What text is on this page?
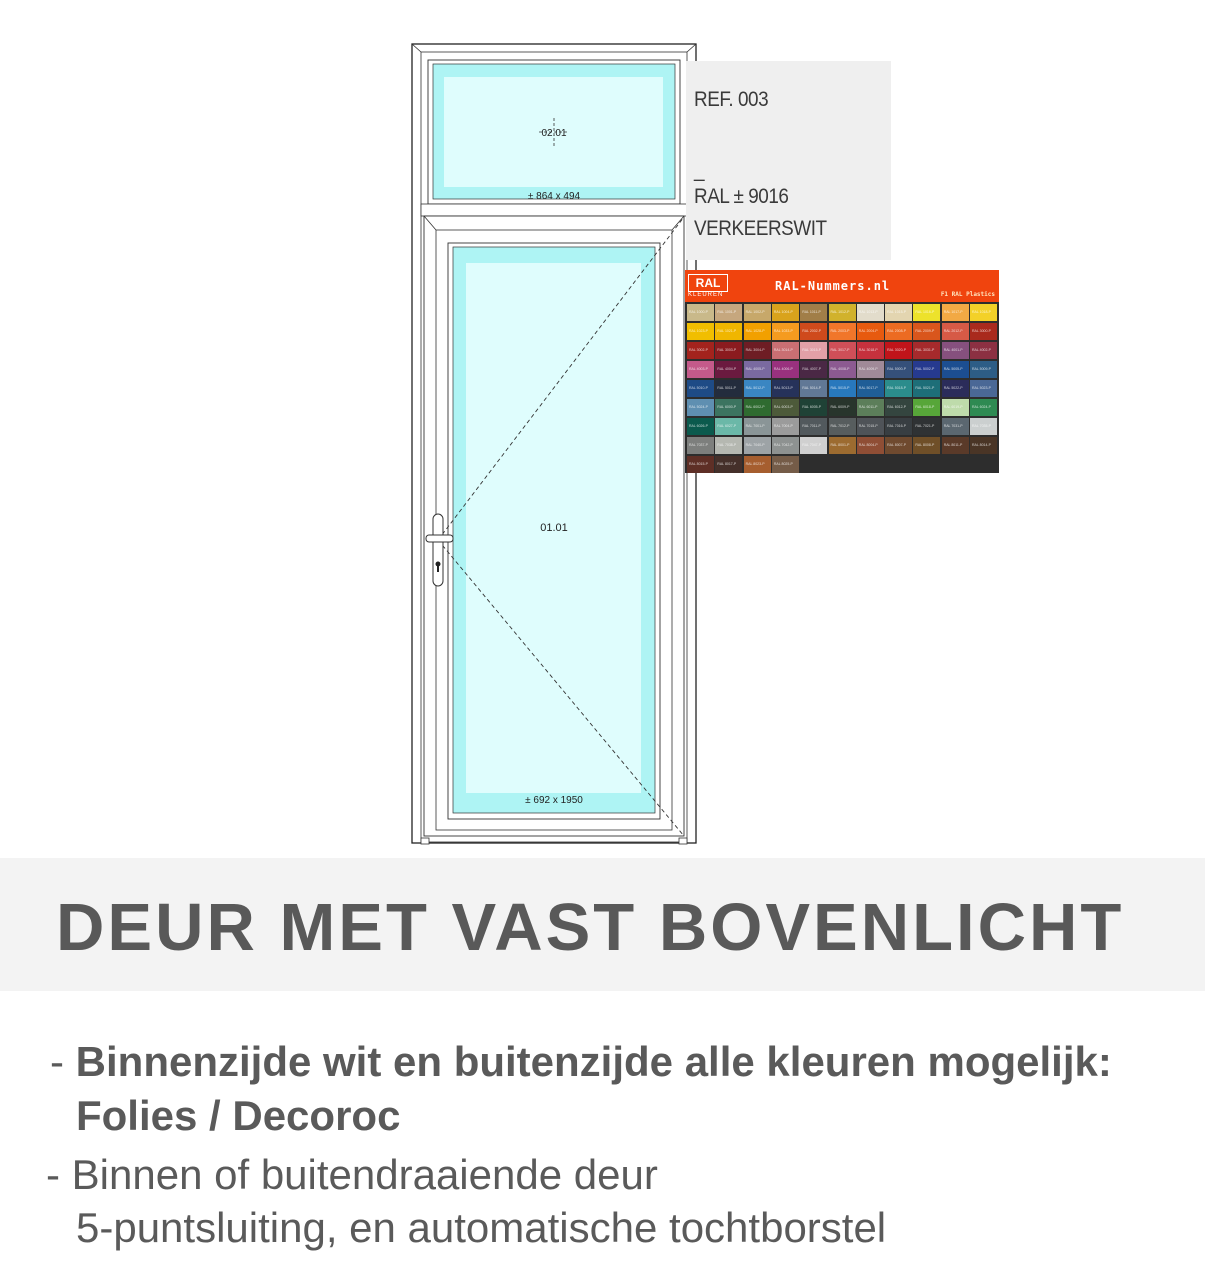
02.01
± 864 x 494
01.01
± 692 x 1950
REF. 003
_
RAL ± 9016
VERKEERSWIT
RAL
KLEUREN
RAL-Nummers.nl
F1 RAL Plastics
RAL 1000-P	RAL 1001-P	RAL 1002-P	RAL 1004-P	RAL 1011-P	RAL 1012-P	RAL 1013-P	RAL 1015-P	RAL 1016-P	RAL 1017-P	RAL 1018-P
RAL 1023-P	RAL 1021-P	RAL 1028-P	RAL 1033-P	RAL 2002-P	RAL 2003-P	RAL 2004-P	RAL 2008-P	RAL 2009-P	RAL 2012-P	RAL 3000-P
RAL 3002-P	RAL 3003-P	RAL 3004-P	RAL 3014-P	RAL 3015-P	RAL 3017-P	RAL 3018-P	RAL 3020-P	RAL 3031-P	RAL 4001-P	RAL 4002-P
RAL 4003-P	RAL 4004-P	RAL 4005-P	RAL 4006-P	RAL 4007-P	RAL 4008-P	RAL 4009-P	RAL 5000-P	RAL 5002-P	RAL 5005-P	RAL 5009-P
RAL 5010-P	RAL 5011-P	RAL 5012-P	RAL 5013-P	RAL 5014-P	RAL 5015-P	RAL 5017-P	RAL 5018-P	RAL 5021-P	RAL 5022-P	RAL 5023-P
RAL 5024-P	RAL 6000-P	RAL 6002-P	RAL 6003-P	RAL 6005-P	RAL 6009-P	RAL 6011-P	RAL 6012-P	RAL 6018-P	RAL 6019-P	RAL 6024-P
RAL 6026-P	RAL 6027-P	RAL 7001-P	RAL 7004-P	RAL 7011-P	RAL 7012-P	RAL 7015-P	RAL 7016-P	RAL 7021-P	RAL 7031-P	RAL 7035-P
RAL 7037-P	RAL 7038-P	RAL 7040-P	RAL 7042-P	RAL 7047-P	RAL 8001-P	RAL 8004-P	RAL 8007-P	RAL 8008-P	RAL 8011-P	RAL 8014-P
RAL 8015-P	RAL 8017-P	RAL 8023-P	RAL 8025-P
DEUR MET VAST BOVENLICHT
- Binnenzijde wit en buitenzijde alle kleuren mogelijk:
Folies / Decoroc
- Binnen of buitendraaiende deur
5-puntsluiting, en automatische tochtborstel
